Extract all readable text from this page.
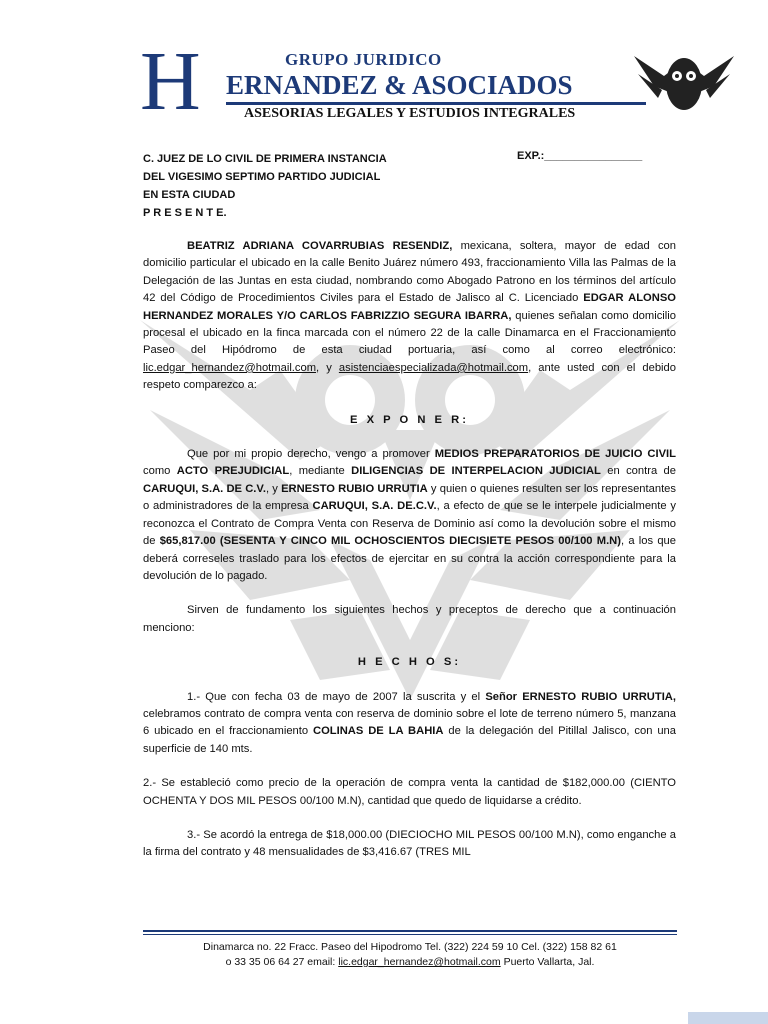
H	GRUPO JURIDICO
ERNANDEZ & ASOCIADOS
ASESORIAS LEGALES Y ESTUDIOS INTEGRALES
C. JUEZ DE LO CIVIL DE PRIMERA INSTANCIA
DEL VIGESIMO SEPTIMO PARTIDO JUDICIAL
EN ESTA CIUDAD
P R E S E N T E.
EXP.:________________

BEATRIZ ADRIANA COVARRUBIAS RESENDIZ, mexicana, soltera, mayor de edad con domicilio particular el ubicado en la calle Benito Juárez número 493, fraccionamiento Villa las Palmas de la Delegación de las Juntas en esta ciudad, nombrando como Abogado Patrono en los términos del artículo 42 del Código de Procedimientos Civiles para el Estado de Jalisco al C. Licenciado EDGAR ALONSO HERNANDEZ MORALES Y/O CARLOS FABRIZZIO SEGURA IBARRA, quienes señalan como domicilio procesal el ubicado en la finca marcada con el número 22 de la calle Dinamarca en el Fraccionamiento Paseo del Hipódromo de esta ciudad portuaria, así como al correo electrónico: lic.edgar_hernandez@hotmail.com, y asistenciaespecializada@hotmail.com, ante usted con el debido respeto comparezco a:

E X P O N E R:

Que por mi propio derecho, vengo a promover MEDIOS PREPARATORIOS DE JUICIO CIVIL como ACTO PREJUDICIAL, mediante DILIGENCIAS DE INTERPELACION JUDICIAL en contra de CARUQUI, S.A. DE C.V., y ERNESTO RUBIO URRUTIA y quien o quienes resulten ser los representantes o administradores de la empresa CARUQUI, S.A. DE.C.V., a efecto de que se le interpele judicialmente y reconozca el Contrato de Compra Venta con Reserva de Dominio así como la devolución sobre el mismo de $65,817.00 (SESENTA Y CINCO MIL OCHOSCIENTOS DIECISIETE PESOS 00/100 M.N), a los que deberá correseles traslado para los efectos de ejercitar en su contra la acción correspondiente para la devolución de lo pagado.

Sirven de fundamento los siguientes hechos y preceptos de derecho que a continuación menciono:

H E C H O S:

1.- Que con fecha 03 de mayo de 2007 la suscrita y el Señor ERNESTO RUBIO URRUTIA, celebramos contrato de compra venta con reserva de dominio sobre el lote de terreno número 5, manzana 6 ubicado en el fraccionamiento COLINAS DE LA BAHIA de la delegación del Pitillal Jalisco, con una superficie de 140 mts.

2.- Se estableció como precio de la operación de compra venta la cantidad de $182,000.00 (CIENTO OCHENTA Y DOS MIL PESOS 00/100 M.N), cantidad que quedo de liquidarse a crédito.

3.- Se acordó la entrega de $18,000.00 (DIECIOCHO MIL PESOS 00/100 M.N), como enganche a la firma del contrato y 48 mensualidades de $3,416.67 (TRES MIL

Dinamarca no. 22 Fracc. Paseo del Hipodromo Tel. (322) 224 59 10 Cel. (322) 158 82 61
o 33 35 06 64 27 email: lic.edgar_hernandez@hotmail.com Puerto Vallarta, Jal.
